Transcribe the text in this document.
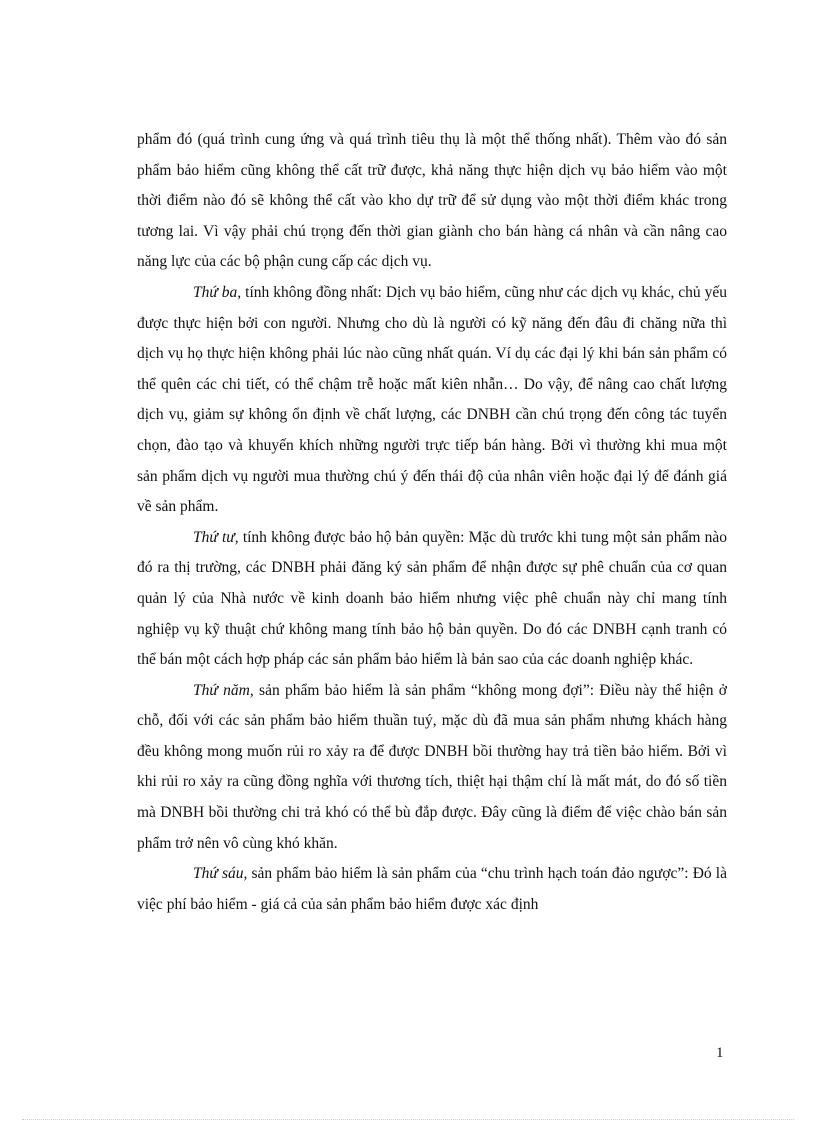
phẩm đó (quá trình cung ứng và quá trình tiêu thụ là một thể thống nhất). Thêm vào đó sản phẩm bảo hiểm cũng không thể cất trữ được, khả năng thực hiện dịch vụ bảo hiểm vào một thời điểm nào đó sẽ không thể cất vào kho dự trữ để sử dụng vào một thời điểm khác trong tương lai. Vì vậy phải chú trọng đến thời gian giành cho bán hàng cá nhân và cần nâng cao năng lực của các bộ phận cung cấp các dịch vụ.

Thứ ba, tính không đồng nhất: Dịch vụ bảo hiểm, cũng như các dịch vụ khác, chủ yếu được thực hiện bởi con người. Nhưng cho dù là người có kỹ năng đến đâu đi chăng nữa thì dịch vụ họ thực hiện không phải lúc nào cũng nhất quán. Ví dụ các đại lý khi bán sản phẩm có thể quên các chi tiết, có thể chậm trễ hoặc mất kiên nhẫn… Do vậy, để nâng cao chất lượng dịch vụ, giảm sự không ổn định về chất lượng, các DNBH cần chú trọng đến công tác tuyển chọn, đào tạo và khuyến khích những người trực tiếp bán hàng. Bởi vì thường khi mua một sản phẩm dịch vụ người mua thường chú ý đến thái độ của nhân viên hoặc đại lý để đánh giá về sản phẩm.

Thứ tư, tính không được bảo hộ bản quyền: Mặc dù trước khi tung một sản phẩm nào đó ra thị trường, các DNBH phải đăng ký sản phẩm để nhận được sự phê chuẩn của cơ quan quản lý của Nhà nước về kinh doanh bảo hiểm nhưng việc phê chuẩn này chỉ mang tính nghiệp vụ kỹ thuật chứ không mang tính bảo hộ bản quyền. Do đó các DNBH cạnh tranh có thể bán một cách hợp pháp các sản phẩm bảo hiểm là bản sao của các doanh nghiệp khác.

Thứ năm, sản phẩm bảo hiểm là sản phẩm “không mong đợi”: Điều này thể hiện ở chỗ, đối với các sản phẩm bảo hiểm thuần tuý, mặc dù đã mua sản phẩm nhưng khách hàng đều không mong muốn rủi ro xảy ra để được DNBH bồi thường hay trả tiền bảo hiểm. Bởi vì khi rủi ro xảy ra cũng đồng nghĩa với thương tích, thiệt hại thậm chí là mất mát, do đó số tiền mà DNBH bồi thường chi trả khó có thể bù đắp được. Đây cũng là điểm để việc chào bán sản phẩm trở nên vô cùng khó khăn.

Thứ sáu, sản phẩm bảo hiểm là sản phẩm của “chu trình hạch toán đảo ngược”: Đó là việc phí bảo hiểm - giá cả của sản phẩm bảo hiểm được xác định

1
